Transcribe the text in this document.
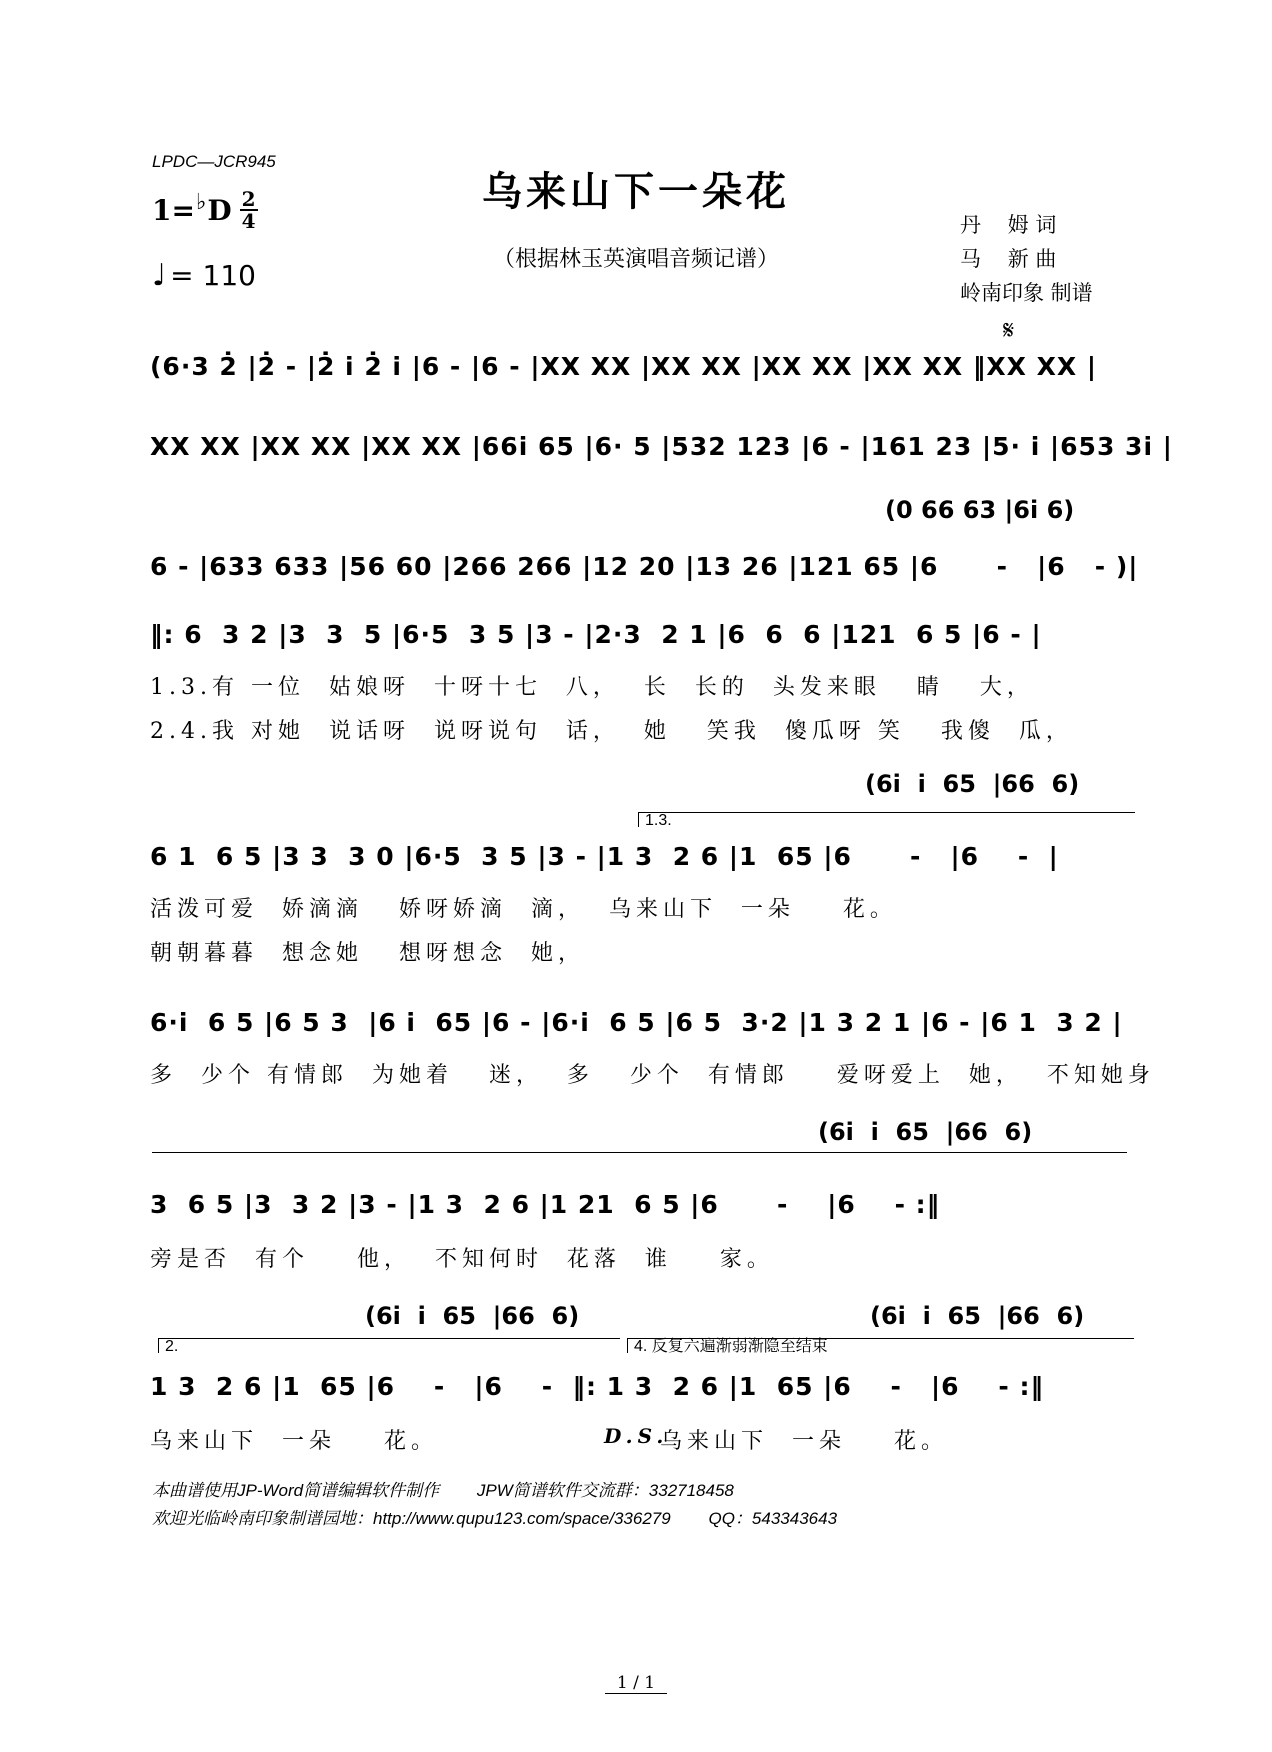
LPDC—JCR945
乌来山下一朵花
（根据林玉英演唱音频记谱）
1= ♭ D 2
4
♩ = 110
丹    姆 词
马    新 曲
岭南印象 制谱
𝄋
(6·3 2̇ |2̇ - |2̇ i 2̇ i |6 - |6 - |XX XX |XX XX |XX XX |XX XX ‖XX XX |
XX XX |XX XX |XX XX |66i 65 |6· 5 |532 123 |6 - |161 23 |5· i |653 3i |
(0 66 63 |6i 6)
6 - |633 633 |56 60 |266 266 |12 20 |13 26 |121 65 |6      -   |6   - )|
‖: 6  3 2 |3  3  5 |6·5  3 5 |3 - |2·3  2 1 |6  6  6 |121  6 5 |6 - |
1.3.有 一位  姑娘呀  十呀十七  八，  长  长的  头发来眼   睛   大，
2.4.我 对她  说话呀  说呀说句  话，  她   笑我  傻瓜呀 笑   我傻  瓜，
(6i  i  65  |66  6)
1.3.
6 1  6 5 |3 3  3 0 |6·5  3 5 |3 - |1 3  2 6 |1  65 |6      -   |6    -  |
活泼可爱  娇滴滴   娇呀娇滴  滴，  乌来山下  一朵    花。
朝朝暮暮  想念她   想呀想念  她，
6·i  6 5 |6 5 3  |6 i  65 |6 - |6·i  6 5 |6 5  3·2 |1 3 2 1 |6 - |6 1  3 2 |
多  少个 有情郎  为她着   迷，  多   少个  有情郎    爱呀爱上  她，  不知她身
(6i  i  65  |66  6)
3  6 5 |3  3 2 |3 - |1 3  2 6 |1 21  6 5 |6      -    |6    - :‖
旁是否  有个    他，  不知何时  花落  谁    家。
(6i  i  65  |66  6)	(6i  i  65  |66  6)
2.	4. 反复六遍渐弱渐隐至结束
1 3  2 6 |1  65 |6    -   |6    -  ‖: 1 3  2 6 |1  65 |6    -   |6    - :‖
乌来山下  一朵    花。	D.S.
乌来山下  一朵    花。
本曲谱使用JP-Word简谱编辑软件制作        JPW简谱软件交流群：332718458
欢迎光临岭南印象制谱园地：http://www.qupu123.com/space/336279        QQ：543343643
1 / 1
